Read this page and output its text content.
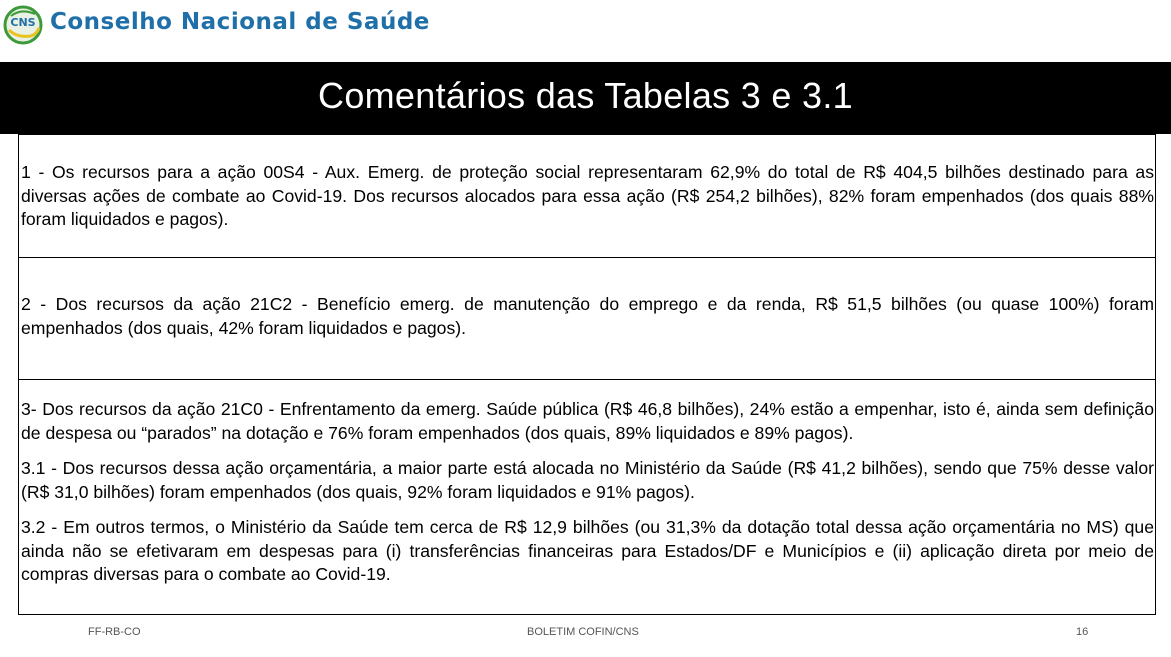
CNS Conselho Nacional de Saúde
Comentários das Tabelas 3 e 3.1

1 - Os recursos para a ação 00S4 - Aux. Emerg. de proteção social representaram 62,9% do total de R$ 404,5 bilhões destinado para as diversas ações de combate ao Covid-19. Dos recursos alocados para essa ação (R$ 254,2 bilhões), 82% foram empenhados (dos quais 88% foram liquidados e pagos).

2 - Dos recursos da ação 21C2 - Benefício emerg. de manutenção do emprego e da renda, R$ 51,5 bilhões (ou quase 100%) foram empenhados (dos quais, 42% foram liquidados e pagos).

3- Dos recursos da ação 21C0 - Enfrentamento da emerg. Saúde pública (R$ 46,8 bilhões), 24% estão a empenhar, isto é, ainda sem definição de despesa ou “parados” na dotação e 76% foram empenhados (dos quais, 89% liquidados e 89% pagos).

3.1 - Dos recursos dessa ação orçamentária, a maior parte está alocada no Ministério da Saúde (R$ 41,2 bilhões), sendo que 75% desse valor (R$ 31,0 bilhões) foram empenhados (dos quais, 92% foram liquidados e 91% pagos).

3.2 - Em outros termos, o Ministério da Saúde tem cerca de R$ 12,9 bilhões (ou 31,3% da dotação total dessa ação orçamentária no MS) que ainda não se efetivaram em despesas para (i) transferências financeiras para Estados/DF e Municípios e (ii) aplicação direta por meio de compras diversas para o combate ao Covid-19.

FF-RB-CO	BOLETIM COFIN/CNS	16
